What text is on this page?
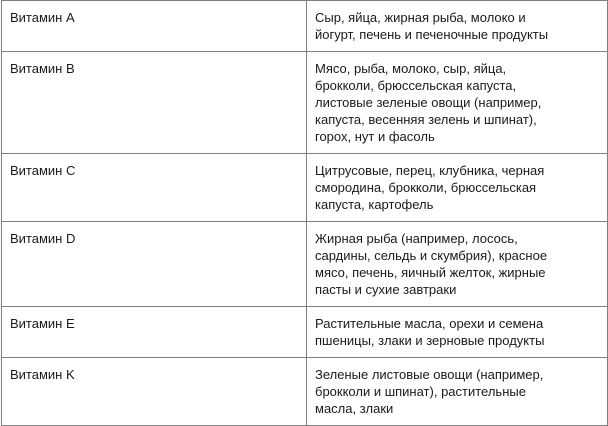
Витамин A	Сыр, яйца, жирная рыба, молоко и
йогурт, печень и печеночные продукты
Витамин B	Мясо, рыба, молоко, сыр, яйца,
брокколи, брюссельская капуста,
листовые зеленые овощи (например,
капуста, весенняя зелень и шпинат),
горох, нут и фасоль
Витамин C	Цитрусовые, перец, клубника, черная
смородина, брокколи, брюссельская
капуста, картофель
Витамин D	Жирная рыба (например, лосось,
сардины, сельдь и скумбрия), красное
мясо, печень, яичный желток, жирные
пасты и сухие завтраки
Витамин E	Растительные масла, орехи и семена
пшеницы, злаки и зерновые продукты
Витамин K	Зеленые листовые овощи (например,
брокколи и шпинат), растительные
масла, злаки
